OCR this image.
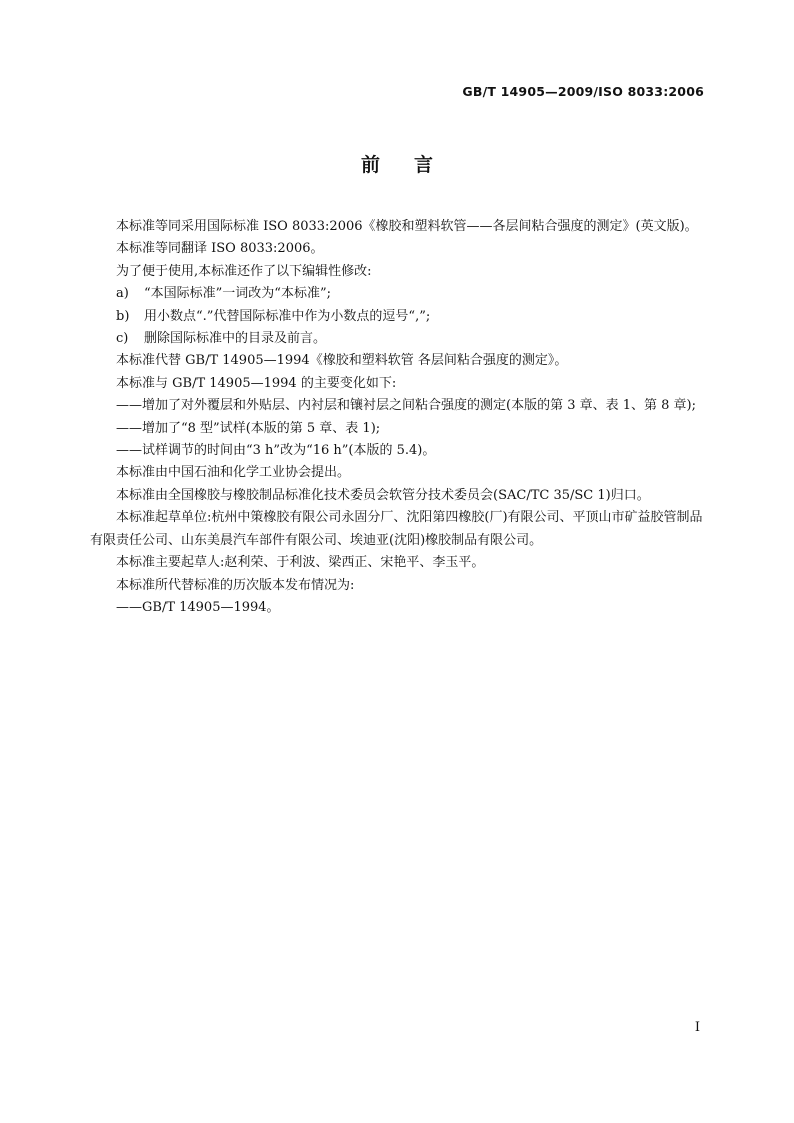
GB/T 14905—2009/ISO 8033:2006
前言

本标准等同采用国际标准 ISO 8033:2006《橡胶和塑料软管——各层间粘合强度的测定》(英文版)。

本标准等同翻译 ISO 8033:2006。

为了便于使用,本标准还作了以下编辑性修改:

a) “本国际标准”一词改为“本标准”;

b) 用小数点“.”代替国际标准中作为小数点的逗号“,”;

c) 删除国际标准中的目录及前言。

本标准代替 GB/T 14905—1994《橡胶和塑料软管 各层间粘合强度的测定》。

本标准与 GB/T 14905—1994 的主要变化如下:

——增加了对外覆层和外贴层、内衬层和镶衬层之间粘合强度的测定(本版的第 3 章、表 1、第 8 章);

——增加了“8 型”试样(本版的第 5 章、表 1);

——试样调节的时间由“3 h”改为“16 h”(本版的 5.4)。

本标准由中国石油和化学工业协会提出。

本标准由全国橡胶与橡胶制品标准化技术委员会软管分技术委员会(SAC/TC 35/SC 1)归口。

本标准起草单位:杭州中策橡胶有限公司永固分厂、沈阳第四橡胶(厂)有限公司、平顶山市矿益胶管制品有限责任公司、山东美晨汽车部件有限公司、埃迪亚(沈阳)橡胶制品有限公司。

本标准主要起草人:赵利荣、于利波、梁西正、宋艳平、李玉平。

本标准所代替标准的历次版本发布情况为:

——GB/T 14905—1994。

I
